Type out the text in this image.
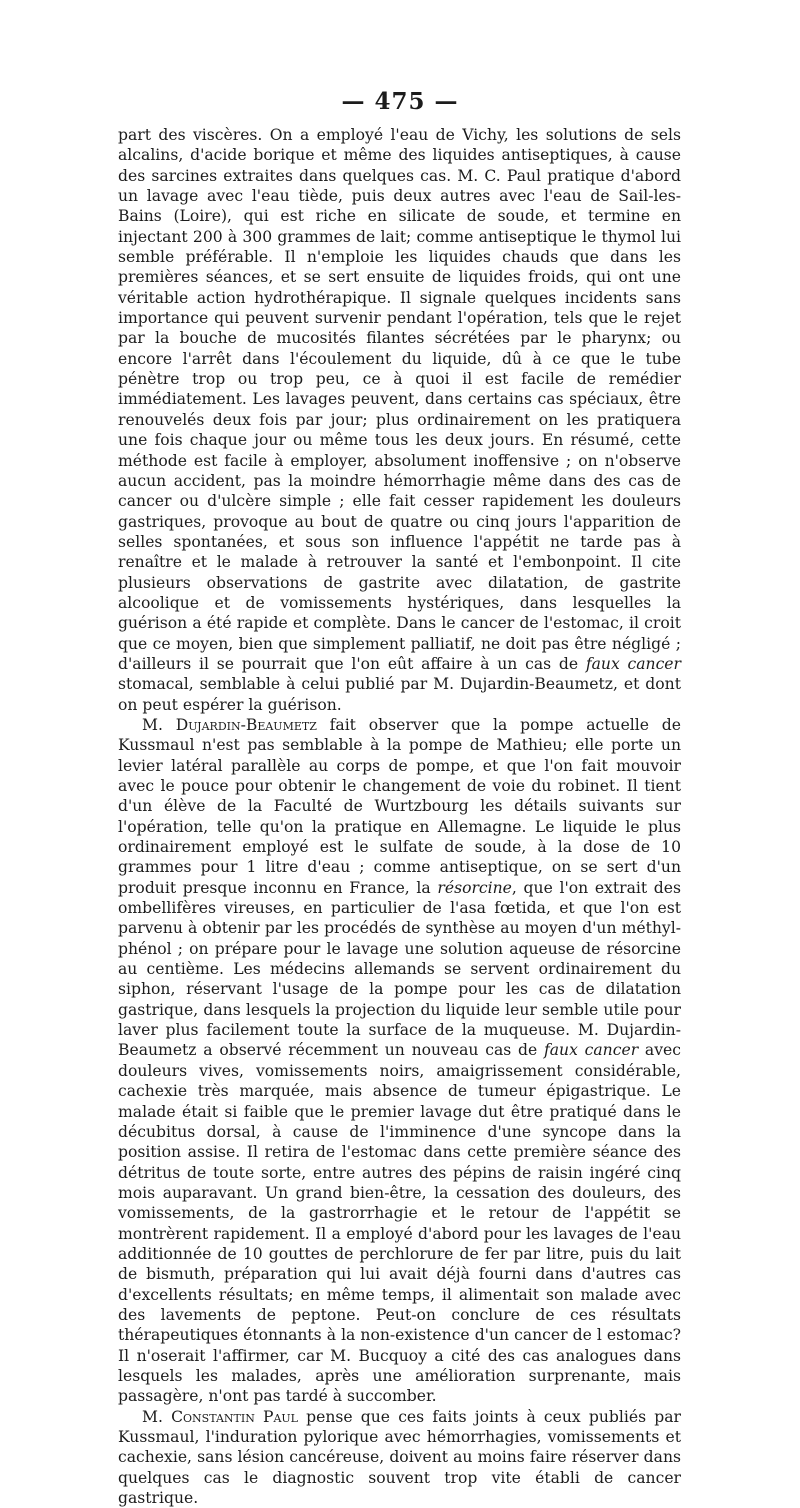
— 475 —

part des viscères. On a employé l'eau de Vichy, les solutions de sels alcalins, d'acide borique et même des liquides antiseptiques, à cause des sarcines extraites dans quelques cas. M. C. Paul pratique d'abord un lavage avec l'eau tiède, puis deux autres avec l'eau de Sail-les-Bains (Loire), qui est riche en silicate de soude, et termine en injectant 200 à 300 grammes de lait; comme antiseptique le thymol lui semble préférable. Il n'emploie les liquides chauds que dans les premières séances, et se sert ensuite de liquides froids, qui ont une véritable action hydrothérapique. Il signale quelques incidents sans importance qui peuvent survenir pendant l'opération, tels que le rejet par la bouche de mucosités filantes sécrétées par le pharynx; ou encore l'arrêt dans l'écoulement du liquide, dû à ce que le tube pénètre trop ou trop peu, ce à quoi il est facile de remédier immédiatement. Les lavages peuvent, dans certains cas spéciaux, être renouvelés deux fois par jour; plus ordinairement on les pratiquera une fois chaque jour ou même tous les deux jours. En résumé, cette méthode est facile à employer, absolument inoffensive ; on n'observe aucun accident, pas la moindre hémorrhagie même dans des cas de cancer ou d'ulcère simple ; elle fait cesser rapidement les douleurs gastriques, provoque au bout de quatre ou cinq jours l'apparition de selles spontanées, et sous son influence l'appétit ne tarde pas à renaître et le malade à retrouver la santé et l'embonpoint. Il cite plusieurs observations de gastrite avec dilatation, de gastrite alcoolique et de vomissements hystériques, dans lesquelles la guérison a été rapide et complète. Dans le cancer de l'estomac, il croit que ce moyen, bien que simplement palliatif, ne doit pas être négligé ; d'ailleurs il se pourrait que l'on eût affaire à un cas de faux cancer stomacal, semblable à celui publié par M. Dujardin-Beaumetz, et dont on peut espérer la guérison.

M. Dujardin-Beaumetz fait observer que la pompe actuelle de Kussmaul n'est pas semblable à la pompe de Mathieu; elle porte un levier latéral parallèle au corps de pompe, et que l'on fait mouvoir avec le pouce pour obtenir le changement de voie du robinet. Il tient d'un élève de la Faculté de Wurtzbourg les détails suivants sur l'opération, telle qu'on la pratique en Allemagne. Le liquide le plus ordinairement employé est le sulfate de soude, à la dose de 10 grammes pour 1 litre d'eau ; comme antiseptique, on se sert d'un produit presque inconnu en France, la résorcine, que l'on extrait des ombellifères vireuses, en particulier de l'asa fœtida, et que l'on est parvenu à obtenir par les procédés de synthèse au moyen d'un méthyl-phénol ; on prépare pour le lavage une solution aqueuse de résorcine au centième. Les médecins allemands se servent ordinairement du siphon, réservant l'usage de la pompe pour les cas de dilatation gastrique, dans lesquels la projection du liquide leur semble utile pour laver plus facilement toute la surface de la muqueuse. M. Dujardin-Beaumetz a observé récemment un nouveau cas de faux cancer avec douleurs vives, vomissements noirs, amaigrissement considérable, cachexie très marquée, mais absence de tumeur épigastrique. Le malade était si faible que le premier lavage dut être pratiqué dans le décubitus dorsal, à cause de l'imminence d'une syncope dans la position assise. Il retira de l'estomac dans cette première séance des détritus de toute sorte, entre autres des pépins de raisin ingéré cinq mois auparavant. Un grand bien-être, la cessation des douleurs, des vomissements, de la gastrorrhagie et le retour de l'appétit se montrèrent rapidement. Il a employé d'abord pour les lavages de l'eau additionnée de 10 gouttes de perchlorure de fer par litre, puis du lait de bismuth, préparation qui lui avait déjà fourni dans d'autres cas d'excellents résultats; en même temps, il alimentait son malade avec des lavements de peptone. Peut-on conclure de ces résultats thérapeutiques étonnants à la non-existence d'un cancer de l estomac? Il n'oserait l'affirmer, car M. Bucquoy a cité des cas analogues dans lesquels les malades, après une amélioration surprenante, mais passagère, n'ont pas tardé à succomber.

M. Constantin Paul pense que ces faits joints à ceux publiés par Kussmaul, l'induration pylorique avec hémorrhagies, vomissements et cachexie, sans lésion cancéreuse, doivent au moins faire réserver dans quelques cas le diagnostic souvent trop vite établi de cancer gastrique.
